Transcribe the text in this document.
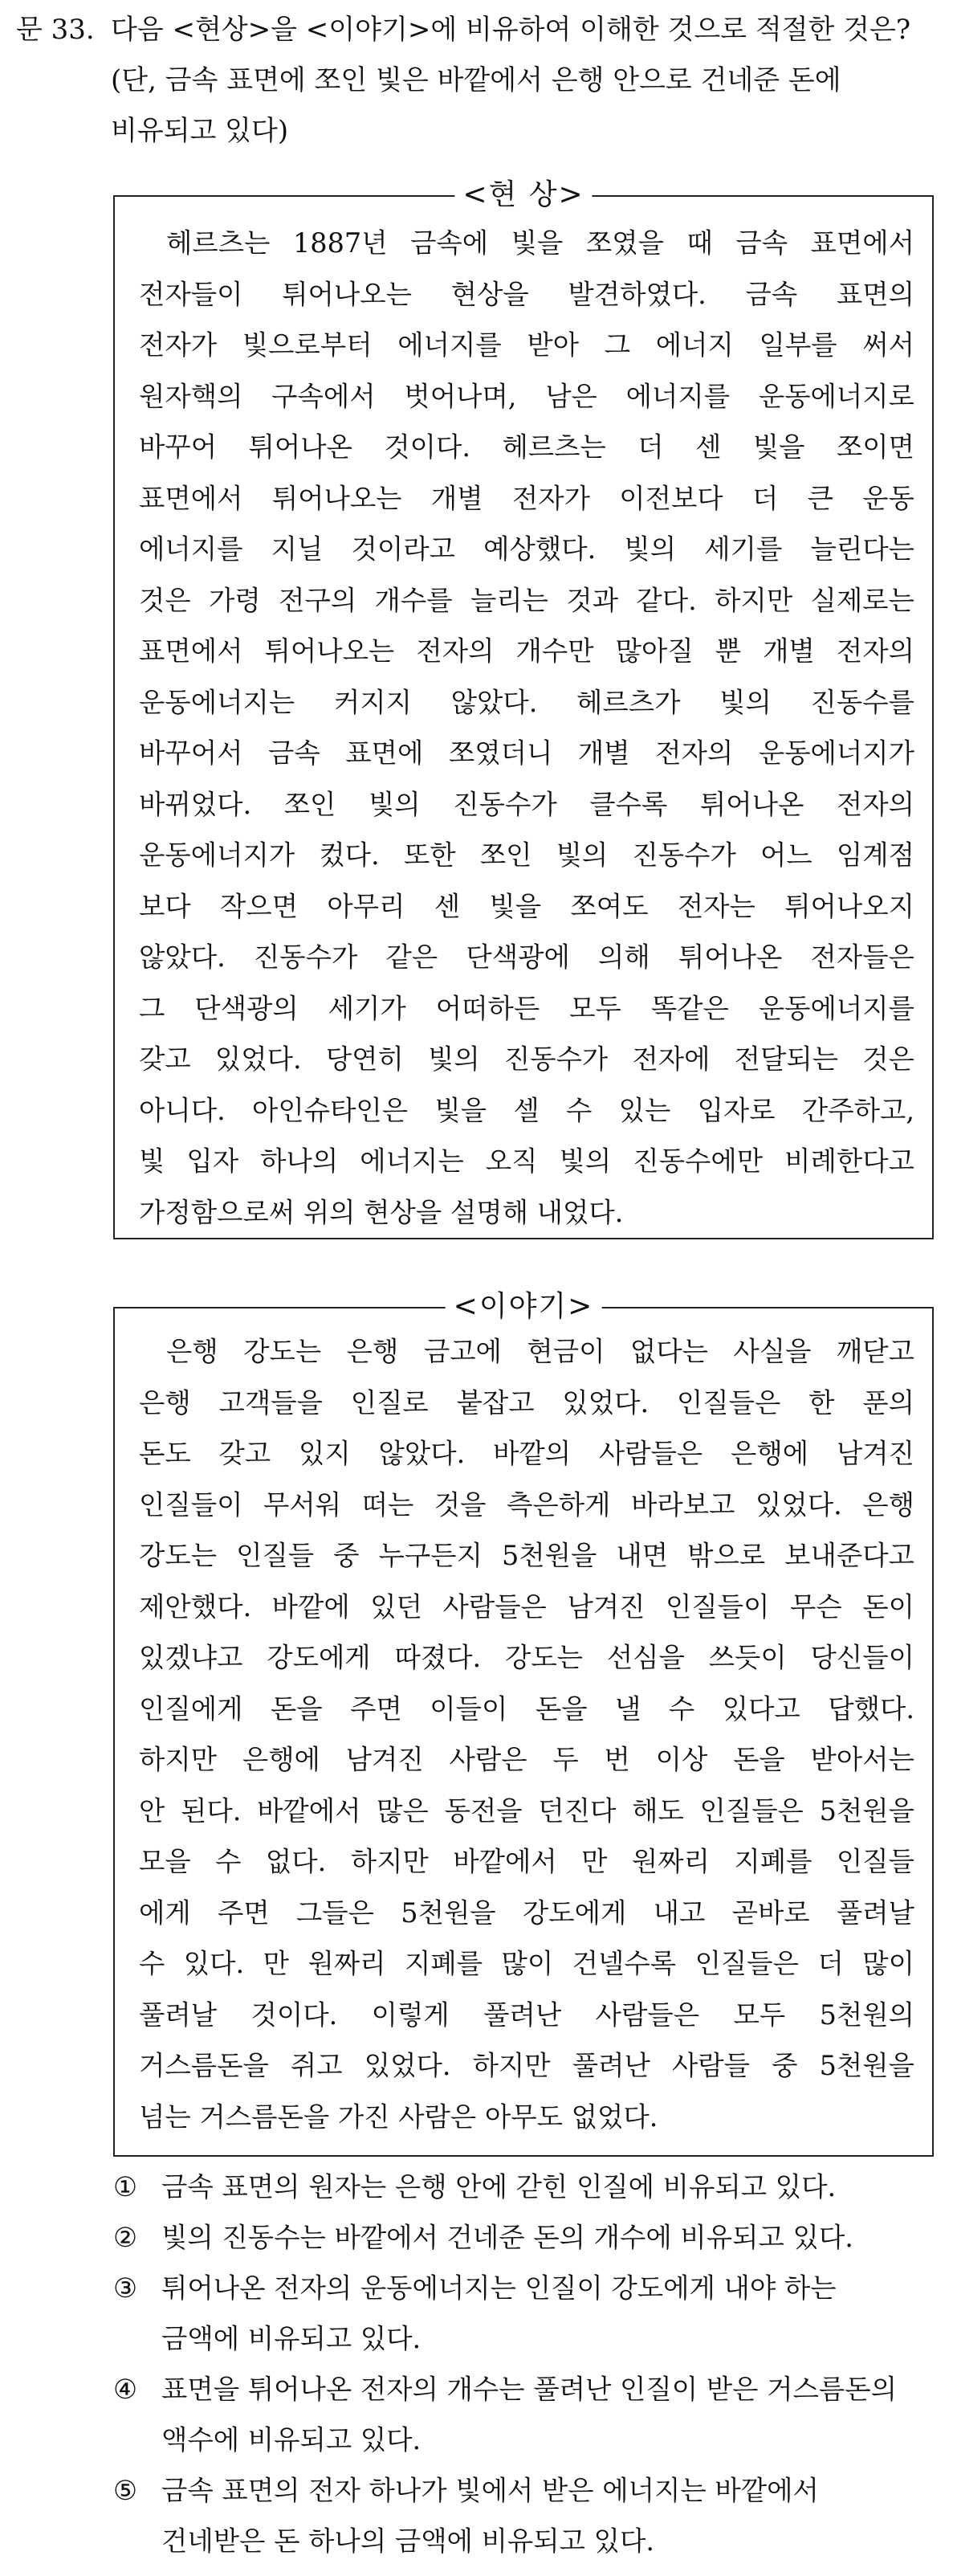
문 33. 다음 <현상>을 <이야기>에 비유하여 이해한 것으로 적절한 것은?
(단, 금속 표면에 쪼인 빛은 바깥에서 은행 안으로 건네준 돈에
비유되고 있다)
<현 상>
헤르츠는 1887년 금속에 빛을 쪼였을 때 금속 표면에서
전자들이 튀어나오는 현상을 발견하였다. 금속 표면의
전자가 빛으로부터 에너지를 받아 그 에너지 일부를 써서
원자핵의 구속에서 벗어나며, 남은 에너지를 운동에너지로
바꾸어 튀어나온 것이다. 헤르츠는 더 센 빛을 쪼이면
표면에서 튀어나오는 개별 전자가 이전보다 더 큰 운동
에너지를 지닐 것이라고 예상했다. 빛의 세기를 늘린다는
것은 가령 전구의 개수를 늘리는 것과 같다. 하지만 실제로는
표면에서 튀어나오는 전자의 개수만 많아질 뿐 개별 전자의
운동에너지는 커지지 않았다. 헤르츠가 빛의 진동수를
바꾸어서 금속 표면에 쪼였더니 개별 전자의 운동에너지가
바뀌었다. 쪼인 빛의 진동수가 클수록 튀어나온 전자의
운동에너지가 컸다. 또한 쪼인 빛의 진동수가 어느 임계점
보다 작으면 아무리 센 빛을 쪼여도 전자는 튀어나오지
않았다. 진동수가 같은 단색광에 의해 튀어나온 전자들은
그 단색광의 세기가 어떠하든 모두 똑같은 운동에너지를
갖고 있었다. 당연히 빛의 진동수가 전자에 전달되는 것은
아니다. 아인슈타인은 빛을 셀 수 있는 입자로 간주하고,
빛 입자 하나의 에너지는 오직 빛의 진동수에만 비례한다고
가정함으로써 위의 현상을 설명해 내었다.
<이야기>
은행 강도는 은행 금고에 현금이 없다는 사실을 깨닫고
은행 고객들을 인질로 붙잡고 있었다. 인질들은 한 푼의
돈도 갖고 있지 않았다. 바깥의 사람들은 은행에 남겨진
인질들이 무서워 떠는 것을 측은하게 바라보고 있었다. 은행
강도는 인질들 중 누구든지 5천원을 내면 밖으로 보내준다고
제안했다. 바깥에 있던 사람들은 남겨진 인질들이 무슨 돈이
있겠냐고 강도에게 따졌다. 강도는 선심을 쓰듯이 당신들이
인질에게 돈을 주면 이들이 돈을 낼 수 있다고 답했다.
하지만 은행에 남겨진 사람은 두 번 이상 돈을 받아서는
안 된다. 바깥에서 많은 동전을 던진다 해도 인질들은 5천원을
모을 수 없다. 하지만 바깥에서 만 원짜리 지폐를 인질들
에게 주면 그들은 5천원을 강도에게 내고 곧바로 풀려날
수 있다. 만 원짜리 지폐를 많이 건넬수록 인질들은 더 많이
풀려날 것이다. 이렇게 풀려난 사람들은 모두 5천원의
거스름돈을 쥐고 있었다. 하지만 풀려난 사람들 중 5천원을
넘는 거스름돈을 가진 사람은 아무도 없었다.
① 금속 표면의 원자는 은행 안에 갇힌 인질에 비유되고 있다.
② 빛의 진동수는 바깥에서 건네준 돈의 개수에 비유되고 있다.
③ 튀어나온 전자의 운동에너지는 인질이 강도에게 내야 하는
금액에 비유되고 있다.
④ 표면을 튀어나온 전자의 개수는 풀려난 인질이 받은 거스름돈의
액수에 비유되고 있다.
⑤ 금속 표면의 전자 하나가 빛에서 받은 에너지는 바깥에서
건네받은 돈 하나의 금액에 비유되고 있다.
